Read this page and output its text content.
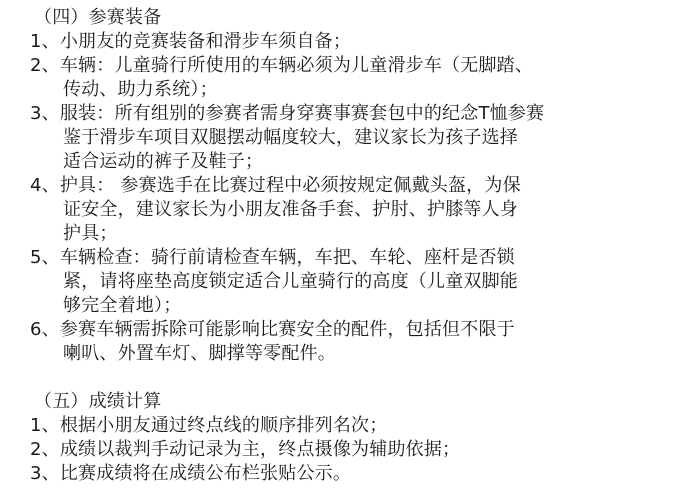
（四）参赛装备
1、小朋友的竞赛装备和滑步车须自备；
2、车辆：儿童骑行所使用的车辆必须为儿童滑步车（无脚踏、
传动、助力系统）；
3、服装：所有组别的参赛者需身穿赛事赛套包中的纪念T恤参赛
鉴于滑步车项目双腿摆动幅度较大，建议家长为孩子选择
适合运动的裤子及鞋子；
4、护具： 参赛选手在比赛过程中必须按规定佩戴头盔，为保
证安全，建议家长为小朋友准备手套、护肘、护膝等人身
护具；
5、车辆检查：骑行前请检查车辆，车把、车轮、座杆是否锁
紧，请将座垫高度锁定适合儿童骑行的高度（儿童双脚能
够完全着地）；
6、参赛车辆需拆除可能影响比赛安全的配件，包括但不限于
喇叭、外置车灯、脚撑等零配件。
（五）成绩计算
1、根据小朋友通过终点线的顺序排列名次；
2、成绩以裁判手动记录为主，终点摄像为辅助依据；
3、比赛成绩将在成绩公布栏张贴公示。
